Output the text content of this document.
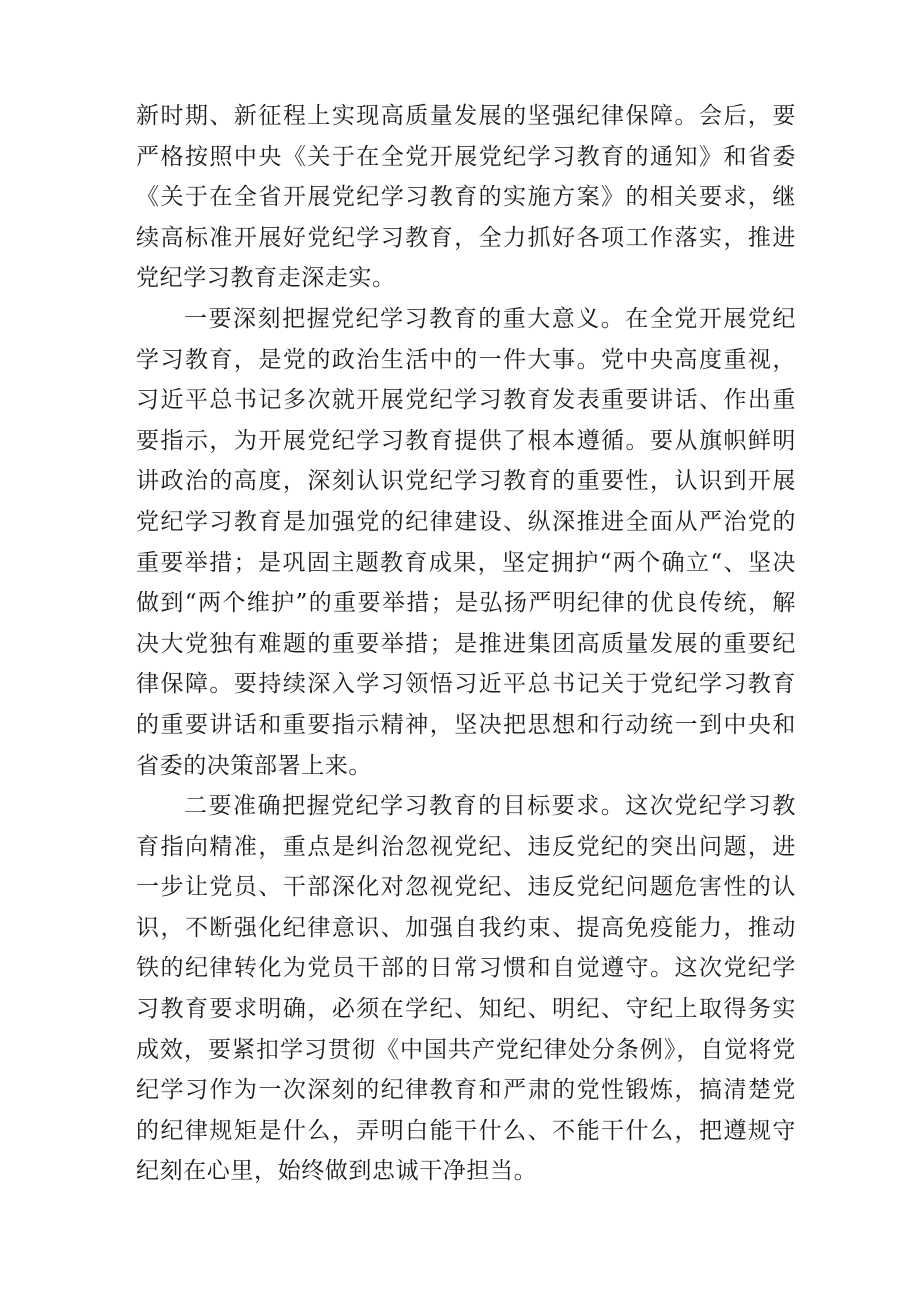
新时期、新征程上实现高质量发展的坚强纪律保障。会后，要严格按照中央《关于在全党开展党纪学习教育的通知》和省委《关于在全省开展党纪学习教育的实施方案》的相关要求，继续高标准开展好党纪学习教育，全力抓好各项工作落实，推进党纪学习教育走深走实。

一要深刻把握党纪学习教育的重大意义。在全党开展党纪学习教育，是党的政治生活中的一件大事。党中央高度重视，习近平总书记多次就开展党纪学习教育发表重要讲话、作出重要指示，为开展党纪学习教育提供了根本遵循。要从旗帜鲜明讲政治的高度，深刻认识党纪学习教育的重要性，认识到开展党纪学习教育是加强党的纪律建设、纵深推进全面从严治党的重要举措；是巩固主题教育成果，坚定拥护“两个确立“、坚决做到“两个维护”的重要举措；是弘扬严明纪律的优良传统，解决大党独有难题的重要举措；是推进集团高质量发展的重要纪律保障。要持续深入学习领悟习近平总书记关于党纪学习教育的重要讲话和重要指示精神，坚决把思想和行动统一到中央和省委的决策部署上来。

二要准确把握党纪学习教育的目标要求。这次党纪学习教育指向精准，重点是纠治忽视党纪、违反党纪的突出问题，进一步让党员、干部深化对忽视党纪、违反党纪问题危害性的认识，不断强化纪律意识、加强自我约束、提高免疫能力，推动铁的纪律转化为党员干部的日常习惯和自觉遵守。这次党纪学习教育要求明确，必须在学纪、知纪、明纪、守纪上取得务实成效，要紧扣学习贯彻《中国共产党纪律处分条例》，自觉将党纪学习作为一次深刻的纪律教育和严肃的党性锻炼，搞清楚党的纪律规矩是什么，弄明白能干什么、不能干什么，把遵规守纪刻在心里，始终做到忠诚干净担当。
